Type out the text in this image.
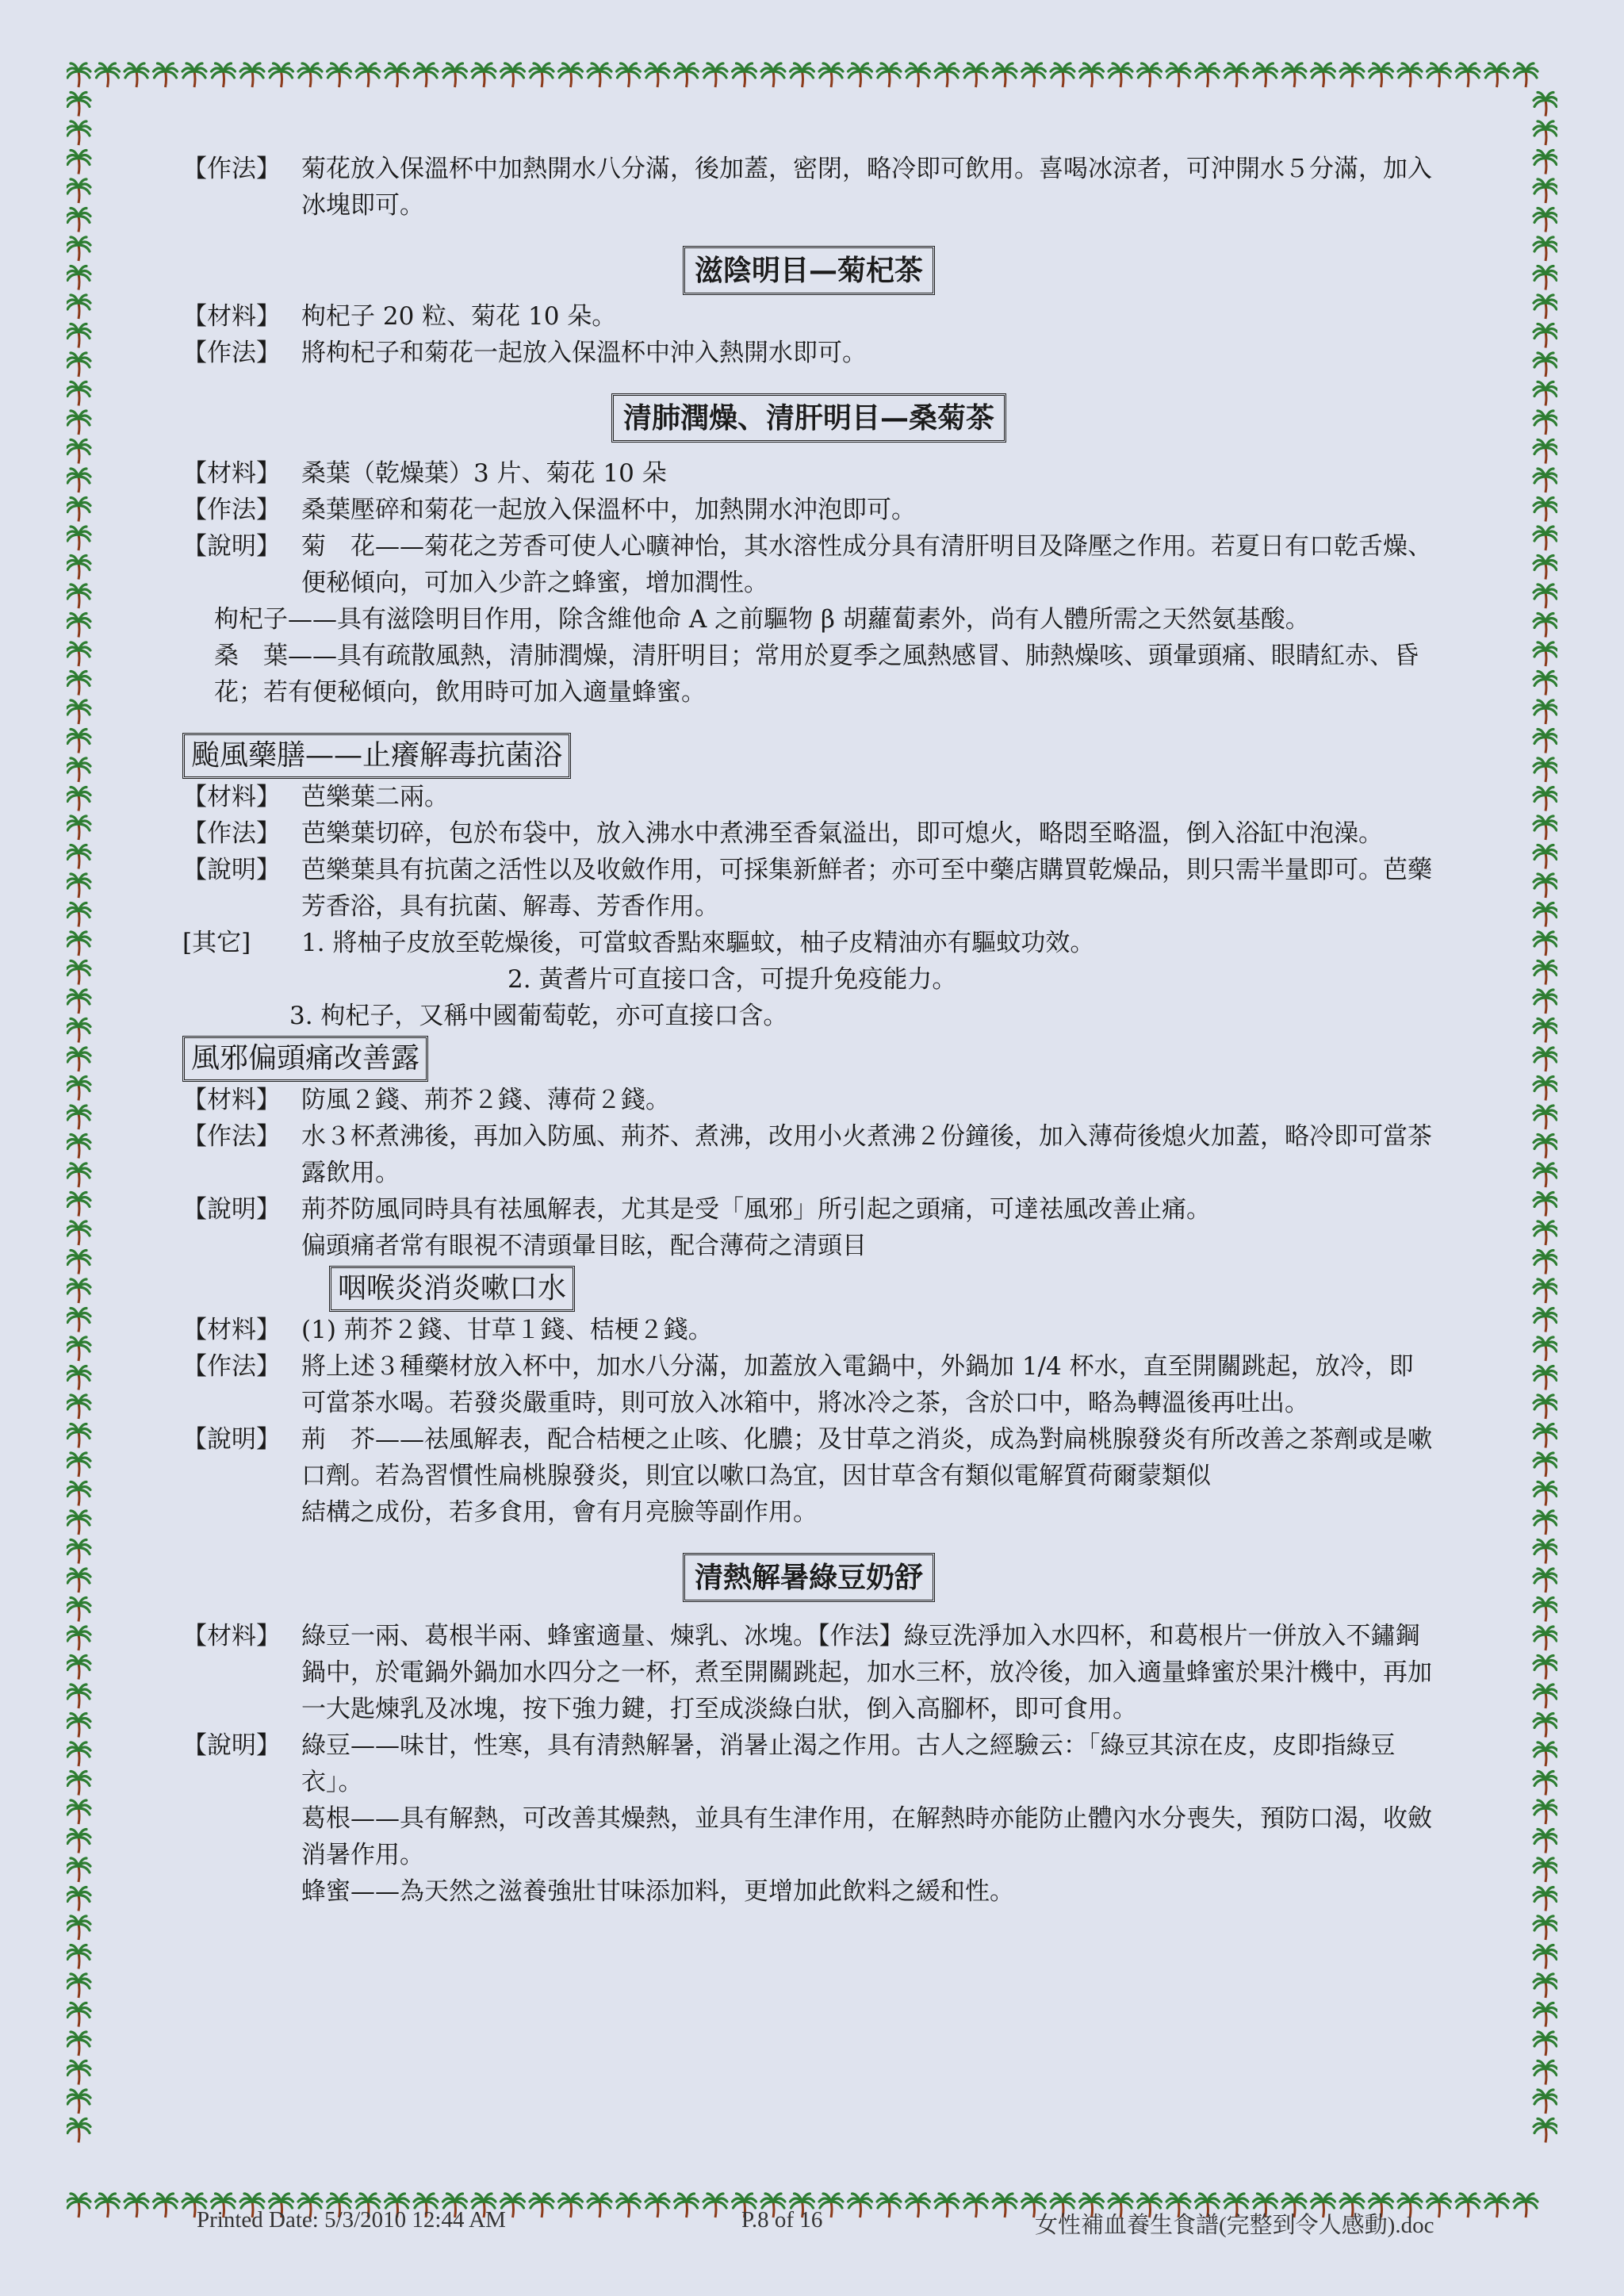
【作法】 菊花放入保溫杯中加熱開水八分滿，後加蓋，密閉，略冷即可飲用。喜喝冰涼者，可沖開水５分滿，加入冰塊即可。
滋陰明目—菊杞茶
【材料】 枸杞子 20 粒、菊花 10 朵。
【作法】 將枸杞子和菊花一起放入保溫杯中沖入熱開水即可。
清肺潤燥、清肝明目—桑菊茶
【材料】 桑葉（乾燥葉）3 片、菊花 10 朵
【作法】 桑葉壓碎和菊花一起放入保溫杯中，加熱開水沖泡即可。
【說明】 菊　花——菊花之芳香可使人心曠神怡，其水溶性成分具有清肝明目及降壓之作用。若夏日有口乾舌燥、便秘傾向，可加入少許之蜂蜜，增加潤性。
枸杞子——具有滋陰明目作用，除含維他命 A 之前驅物 β 胡蘿蔔素外，尚有人體所需之天然氨基酸。
桑　葉——具有疏散風熱，清肺潤燥，清肝明目；常用於夏季之風熱感冒、肺熱燥咳、頭暈頭痛、眼睛紅赤、昏花；若有便秘傾向，飲用時可加入適量蜂蜜。
颱風藥膳——止癢解毒抗菌浴
【材料】 芭樂葉二兩。
【作法】 芭樂葉切碎，包於布袋中，放入沸水中煮沸至香氣溢出，即可熄火，略悶至略溫，倒入浴缸中泡澡。
【說明】 芭樂葉具有抗菌之活性以及收斂作用，可採集新鮮者；亦可至中藥店購買乾燥品，則只需半量即可。芭藥芳香浴，具有抗菌、解毒、芳香作用。
[其它] 1. 將柚子皮放至乾燥後，可當蚊香點來驅蚊，柚子皮精油亦有驅蚊功效。
2. 黃耆片可直接口含，可提升免疫能力。
3. 枸杞子，又稱中國葡萄乾，亦可直接口含。
風邪偏頭痛改善露
【材料】 防風２錢、荊芥２錢、薄荷２錢。
【作法】 水３杯煮沸後，再加入防風、荊芥、煮沸，改用小火煮沸２份鐘後，加入薄荷後熄火加蓋，略冷即可當茶露飲用。
【說明】 荊芥防風同時具有祛風解表，尤其是受「風邪」所引起之頭痛，可達祛風改善止痛。
偏頭痛者常有眼視不清頭暈目眩，配合薄荷之清頭目
咽喉炎消炎嗽口水
【材料】 (1) 荊芥２錢、甘草１錢、桔梗２錢。
【作法】 將上述３種藥材放入杯中，加水八分滿，加蓋放入電鍋中，外鍋加 1/4 杯水，直至開關跳起，放冷，即可當茶水喝。若發炎嚴重時，則可放入冰箱中，將冰冷之茶，含於口中，略為轉溫後再吐出。
【說明】 荊　芥——祛風解表，配合桔梗之止咳、化膿；及甘草之消炎，成為對扁桃腺發炎有所改善之茶劑或是嗽口劑。若為習慣性扁桃腺發炎，則宜以嗽口為宜，因甘草含有類似電解質荷爾蒙類似
結構之成份，若多食用，會有月亮臉等副作用。
清熱解暑綠豆奶舒
【材料】 綠豆一兩、葛根半兩、蜂蜜適量、煉乳、冰塊。【作法】綠豆洗淨加入水四杯，和葛根片一併放入不鏽鋼鍋中，於電鍋外鍋加水四分之一杯，煮至開關跳起，加水三杯，放冷後，加入適量蜂蜜於果汁機中，再加一大匙煉乳及冰塊，按下強力鍵，打至成淡綠白狀，倒入高腳杯，即可食用。
【說明】 綠豆——味甘，性寒，具有清熱解暑，消暑止渴之作用。古人之經驗云：「綠豆其涼在皮，皮即指綠豆衣」。
葛根——具有解熱，可改善其燥熱，並具有生津作用，在解熱時亦能防止體內水分喪失，預防口渴，收斂消暑作用。
蜂蜜——為天然之滋養強壯甘味添加料，更增加此飲料之緩和性。
Printed Date: 5/3/2010 12:44 AM	P.8 of 16	女性補血養生食譜(完整到令人感動).doc
